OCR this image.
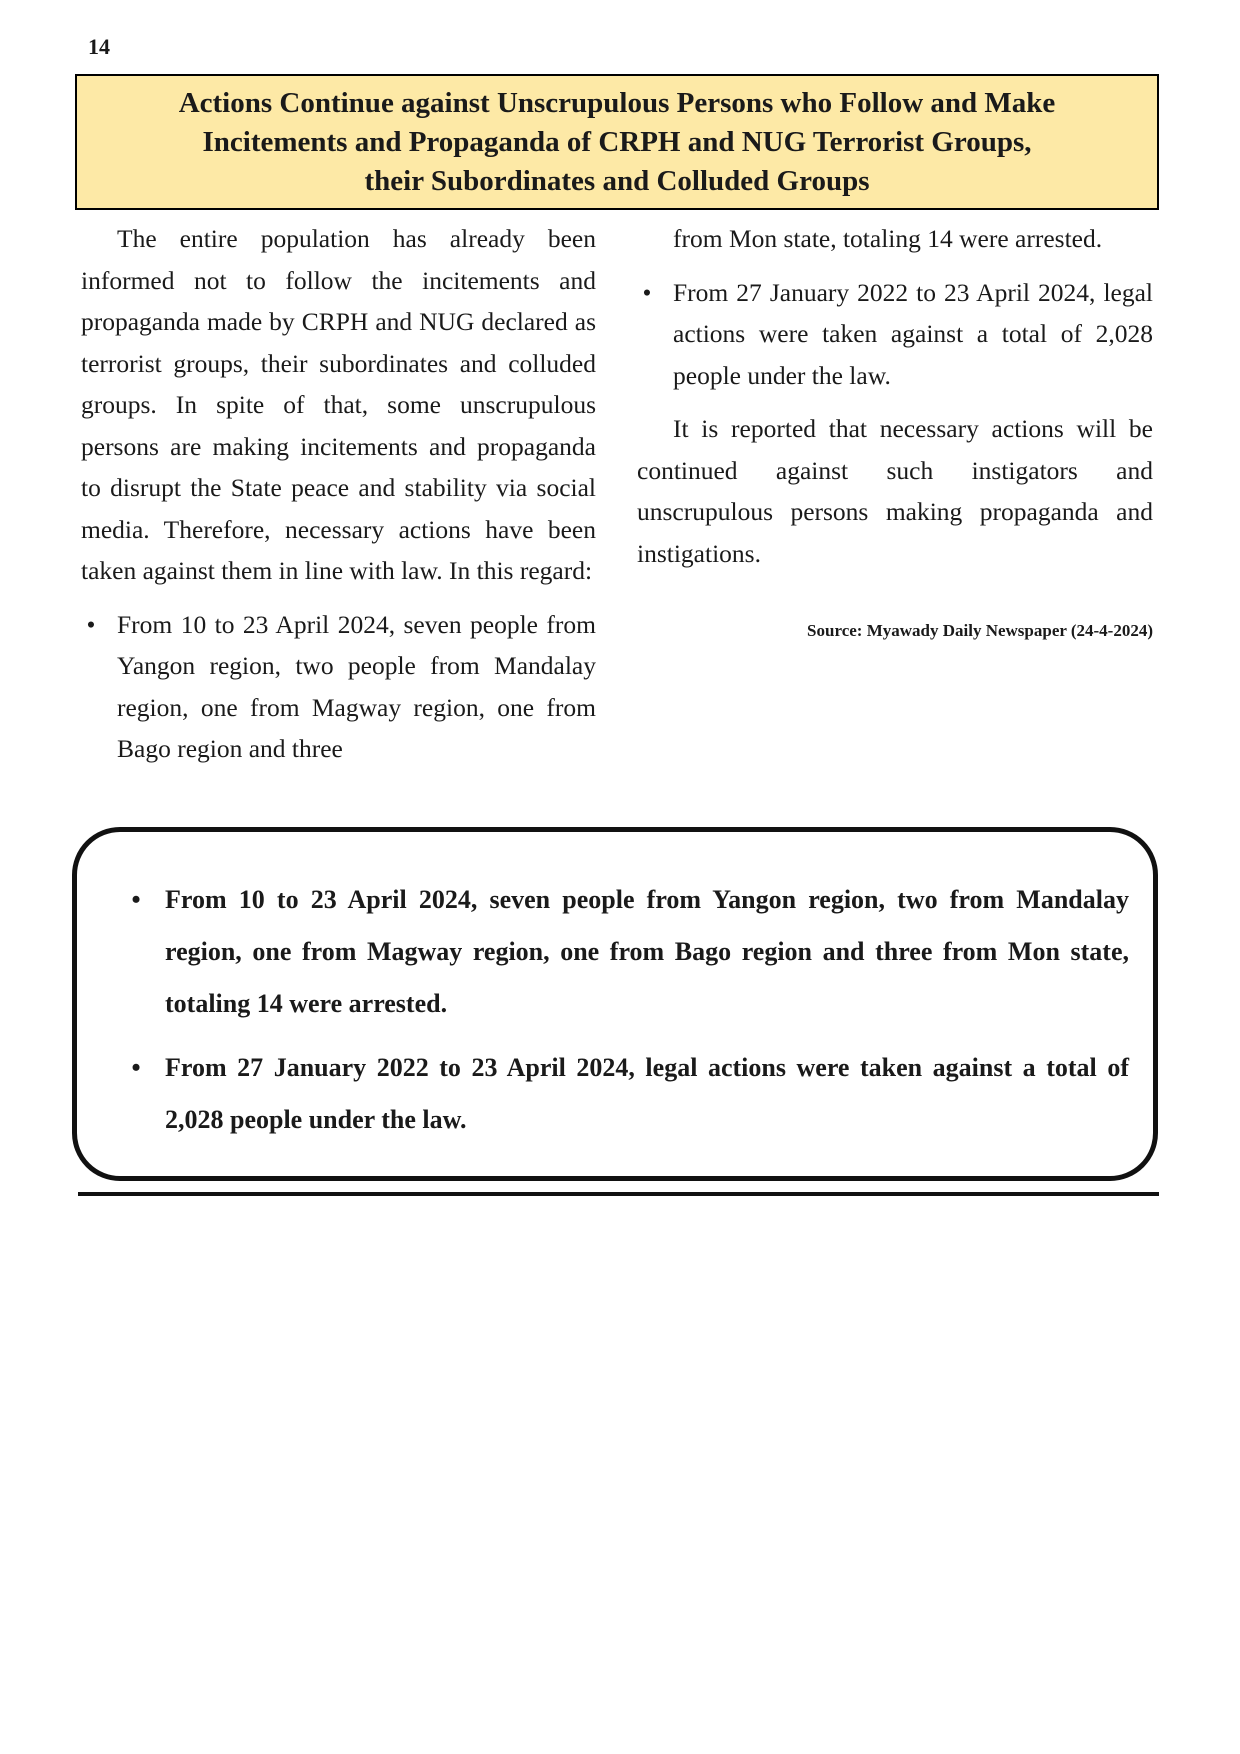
14
Actions Continue against Unscrupulous Persons who Follow and Make
Incitements and Propaganda of CRPH and NUG Terrorist Groups,
their Subordinates and Colluded Groups

The entire population has already been informed not to follow the incitements and propaganda made by CRPH and NUG declared as terrorist groups, their subordinates and colluded groups. In spite of that, some unscrupulous persons are making incitements and propaganda to disrupt the State peace and stability via social media. Therefore, necessary actions have been taken against them in line with law. In this regard:

• From 10 to 23 April 2024, seven people from Yangon region, two people from Mandalay region, one from Magway region, one from Bago region and three
from Mon state, totaling 14 were arrested.
• From 27 January 2022 to 23 April 2024, legal actions were taken against a total of 2,028 people under the law.

It is reported that necessary actions will be continued against such instigators and unscrupulous persons making propaganda and instigations.

Source: Myawady Daily Newspaper (24-4-2024)
• From 10 to 23 April 2024, seven people from Yangon region, two from Mandalay region, one from Magway region, one from Bago region and three from Mon state, totaling 14 were arrested.
• From 27 January 2022 to 23 April 2024, legal actions were taken against a total of 2,028 people under the law.
